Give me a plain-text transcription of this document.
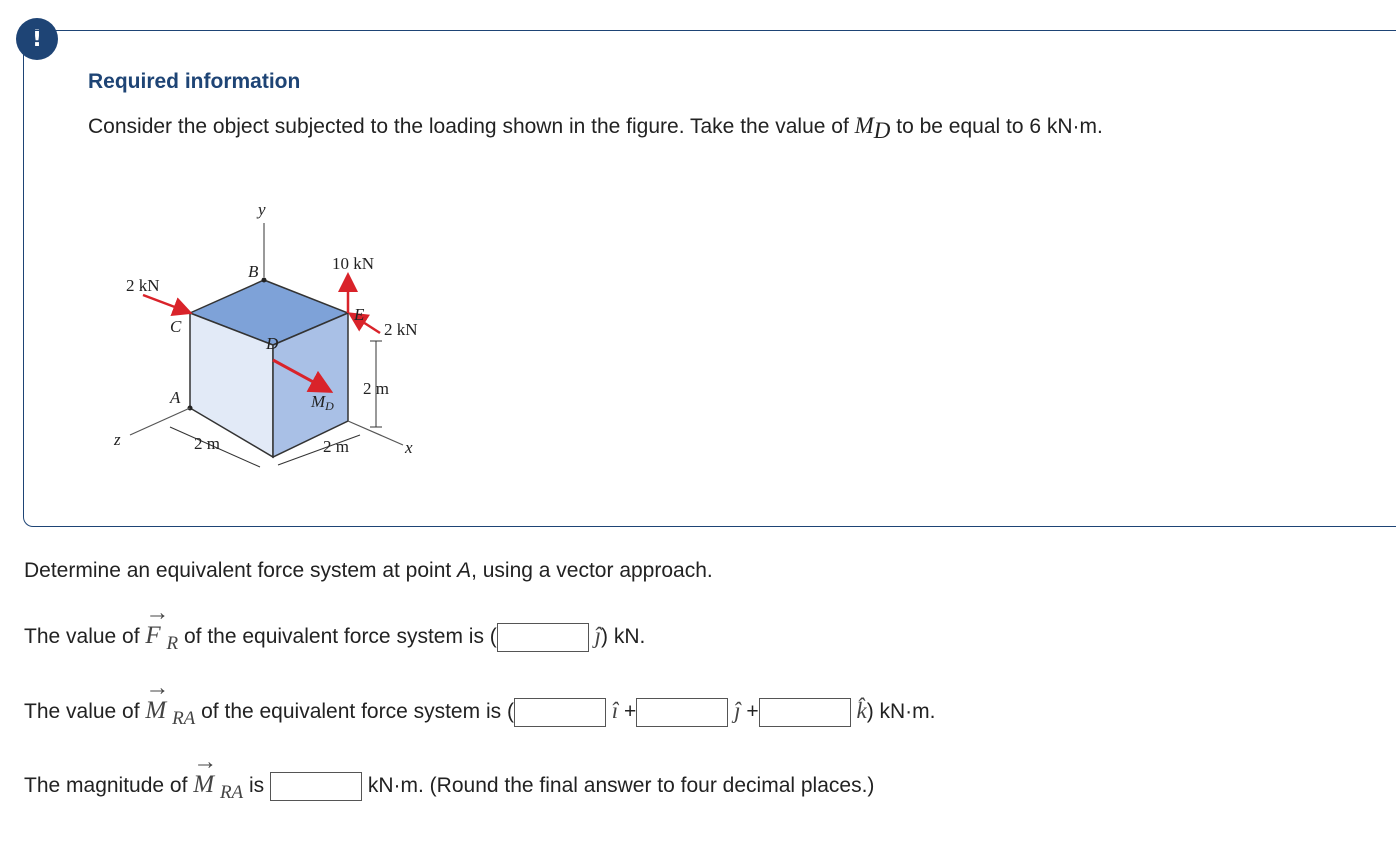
!
Required information
Consider the object subjected to the loading shown in the figure. Take the value of $M_D$ to be equal to 6 kN·m.
y
B
C
D
E
A
z	x
2 kN
10 kN
2 kN
MD
2 m
2 m	2 m
Determine an equivalent force system at point A, using a vector approach.
The value of → F R of the equivalent force system is (	ĵ) kN.
The value of → M RA of the equivalent force system is (	î +	ĵ +	k̂) kN·m.
The magnitude of → M RA is	kN·m. (Round the final answer to four decimal places.)
